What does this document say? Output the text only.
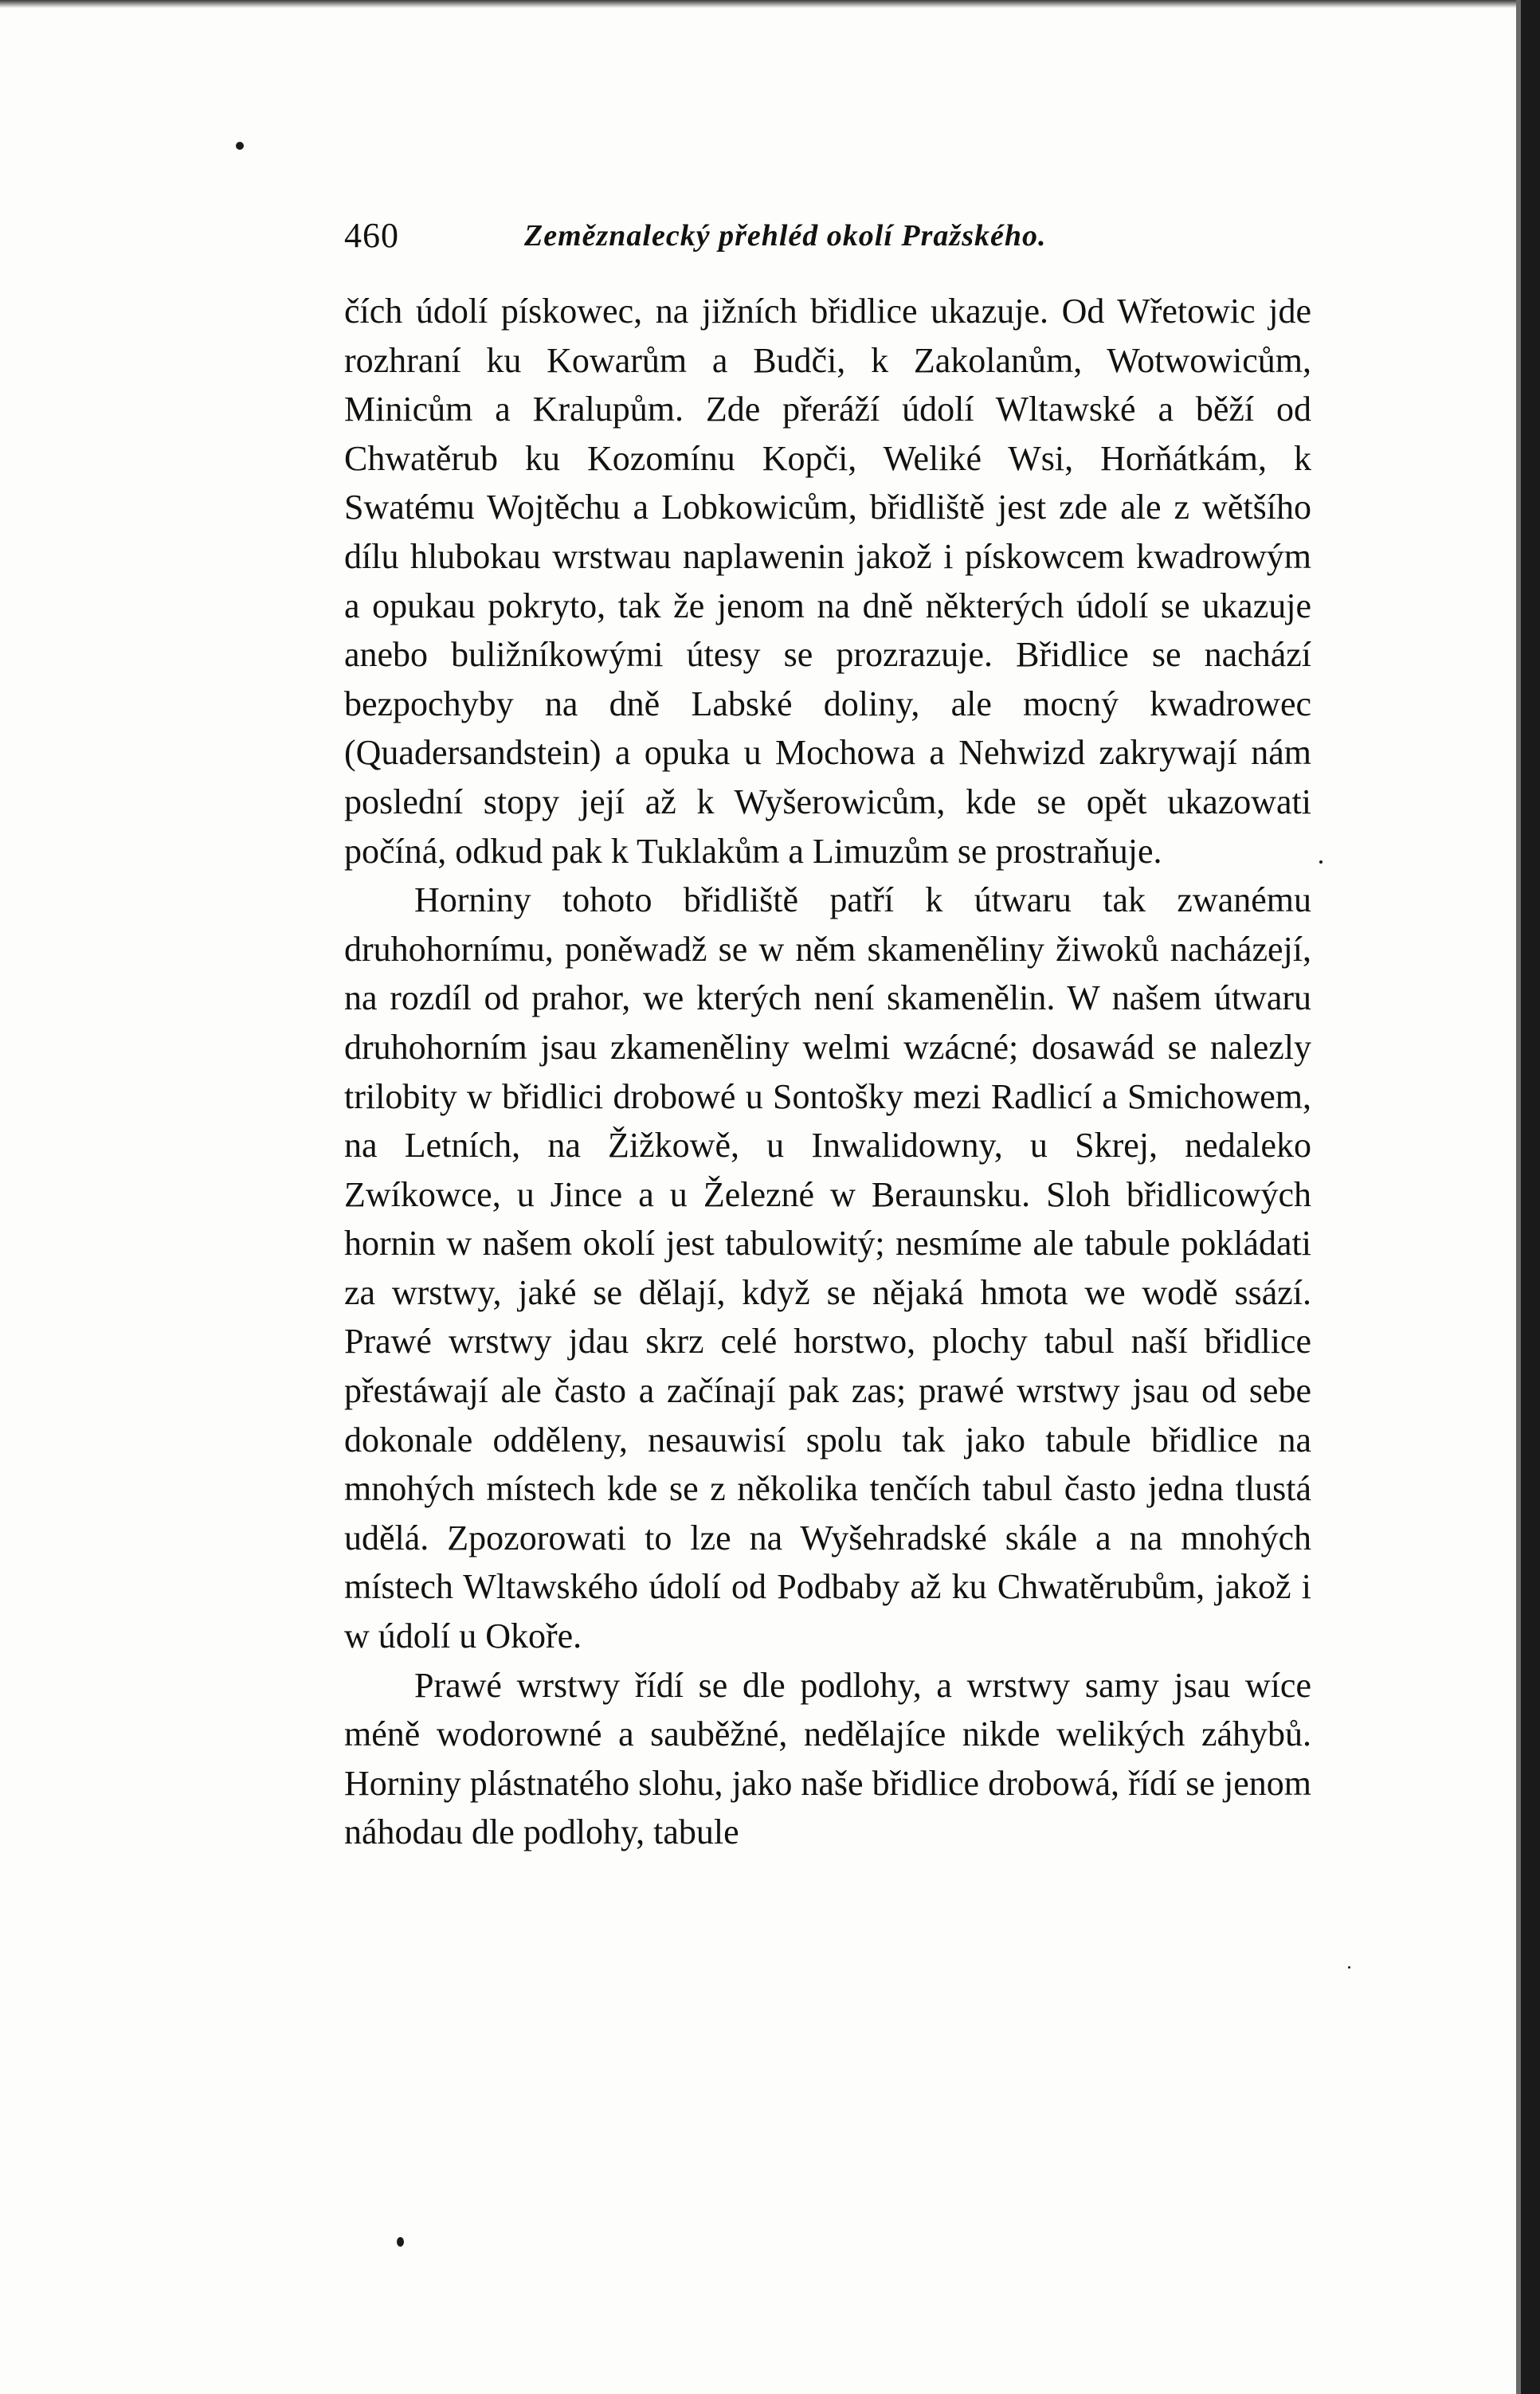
460	Zeměznalecký přehléd okolí Pražského.

čích údolí pískowec, na jižních břidlice ukazuje. Od Wřetowic jde rozhraní ku Kowarům a Budči, k Zakolanům, Wotwowicům, Minicům a Kralupům. Zde přeráží údolí Wltawské a běží od Chwatěrub ku Kozomínu Kopči, Weliké Wsi, Horňátkám, k Swatému Wojtěchu a Lobkowicům, břidliště jest zde ale z wětšího dílu hlubokau wrstwau naplawenin jakož i pískowcem kwadrowým a opukau pokryto, tak že jenom na dně některých údolí se ukazuje anebo buližníkowými útesy se prozrazuje. Břidlice se nachází bezpochyby na dně Labské doliny, ale mocný kwadrowec (Quadersandstein) a opuka u Mochowa a Nehwizd zakrywají nám poslední stopy její až k Wyšerowicům, kde se opět ukazowati počíná, odkud pak k Tuklakům a Limuzům se prostraňuje.

Horniny tohoto břidliště patří k útwaru tak zwanému druhohornímu, poněwadž se w něm skameněliny žiwoků nacházejí, na rozdíl od prahor, we kterých není skamenělin. W našem útwaru druhohorním jsau zkameněliny welmi wzácné; dosawád se nalezly trilobity w břidlici drobowé u Sontošky mezi Radlicí a Smichowem, na Letních, na Žižkowě, u Inwalidowny, u Skrej, nedaleko Zwíkowce, u Jince a u Železné w Beraunsku. Sloh břidlicowých hornin w našem okolí jest tabulowitý; nesmíme ale tabule pokládati za wrstwy, jaké se dělají, když se nějaká hmota we wodě ssází. Prawé wrstwy jdau skrz celé horstwo, plochy tabul naší břidlice přestáwají ale často a začínají pak zas; prawé wrstwy jsau od sebe dokonale odděleny, nesauwisí spolu tak jako tabule břidlice na mnohých místech kde se z několika tenčích tabul často jedna tlustá udělá. Zpozorowati to lze na Wyšehradské skále a na mnohých místech Wltawského údolí od Podbaby až ku Chwatěrubům, jakož i w údolí u Okoře.

Prawé wrstwy řídí se dle podlohy, a wrstwy samy jsau wíce méně wodorowné a sauběžné, nedělajíce nikde welikých záhybů. Horniny plástnatého slohu, jako naše břidlice drobowá, řídí se jenom náhodau dle podlohy, tabule
